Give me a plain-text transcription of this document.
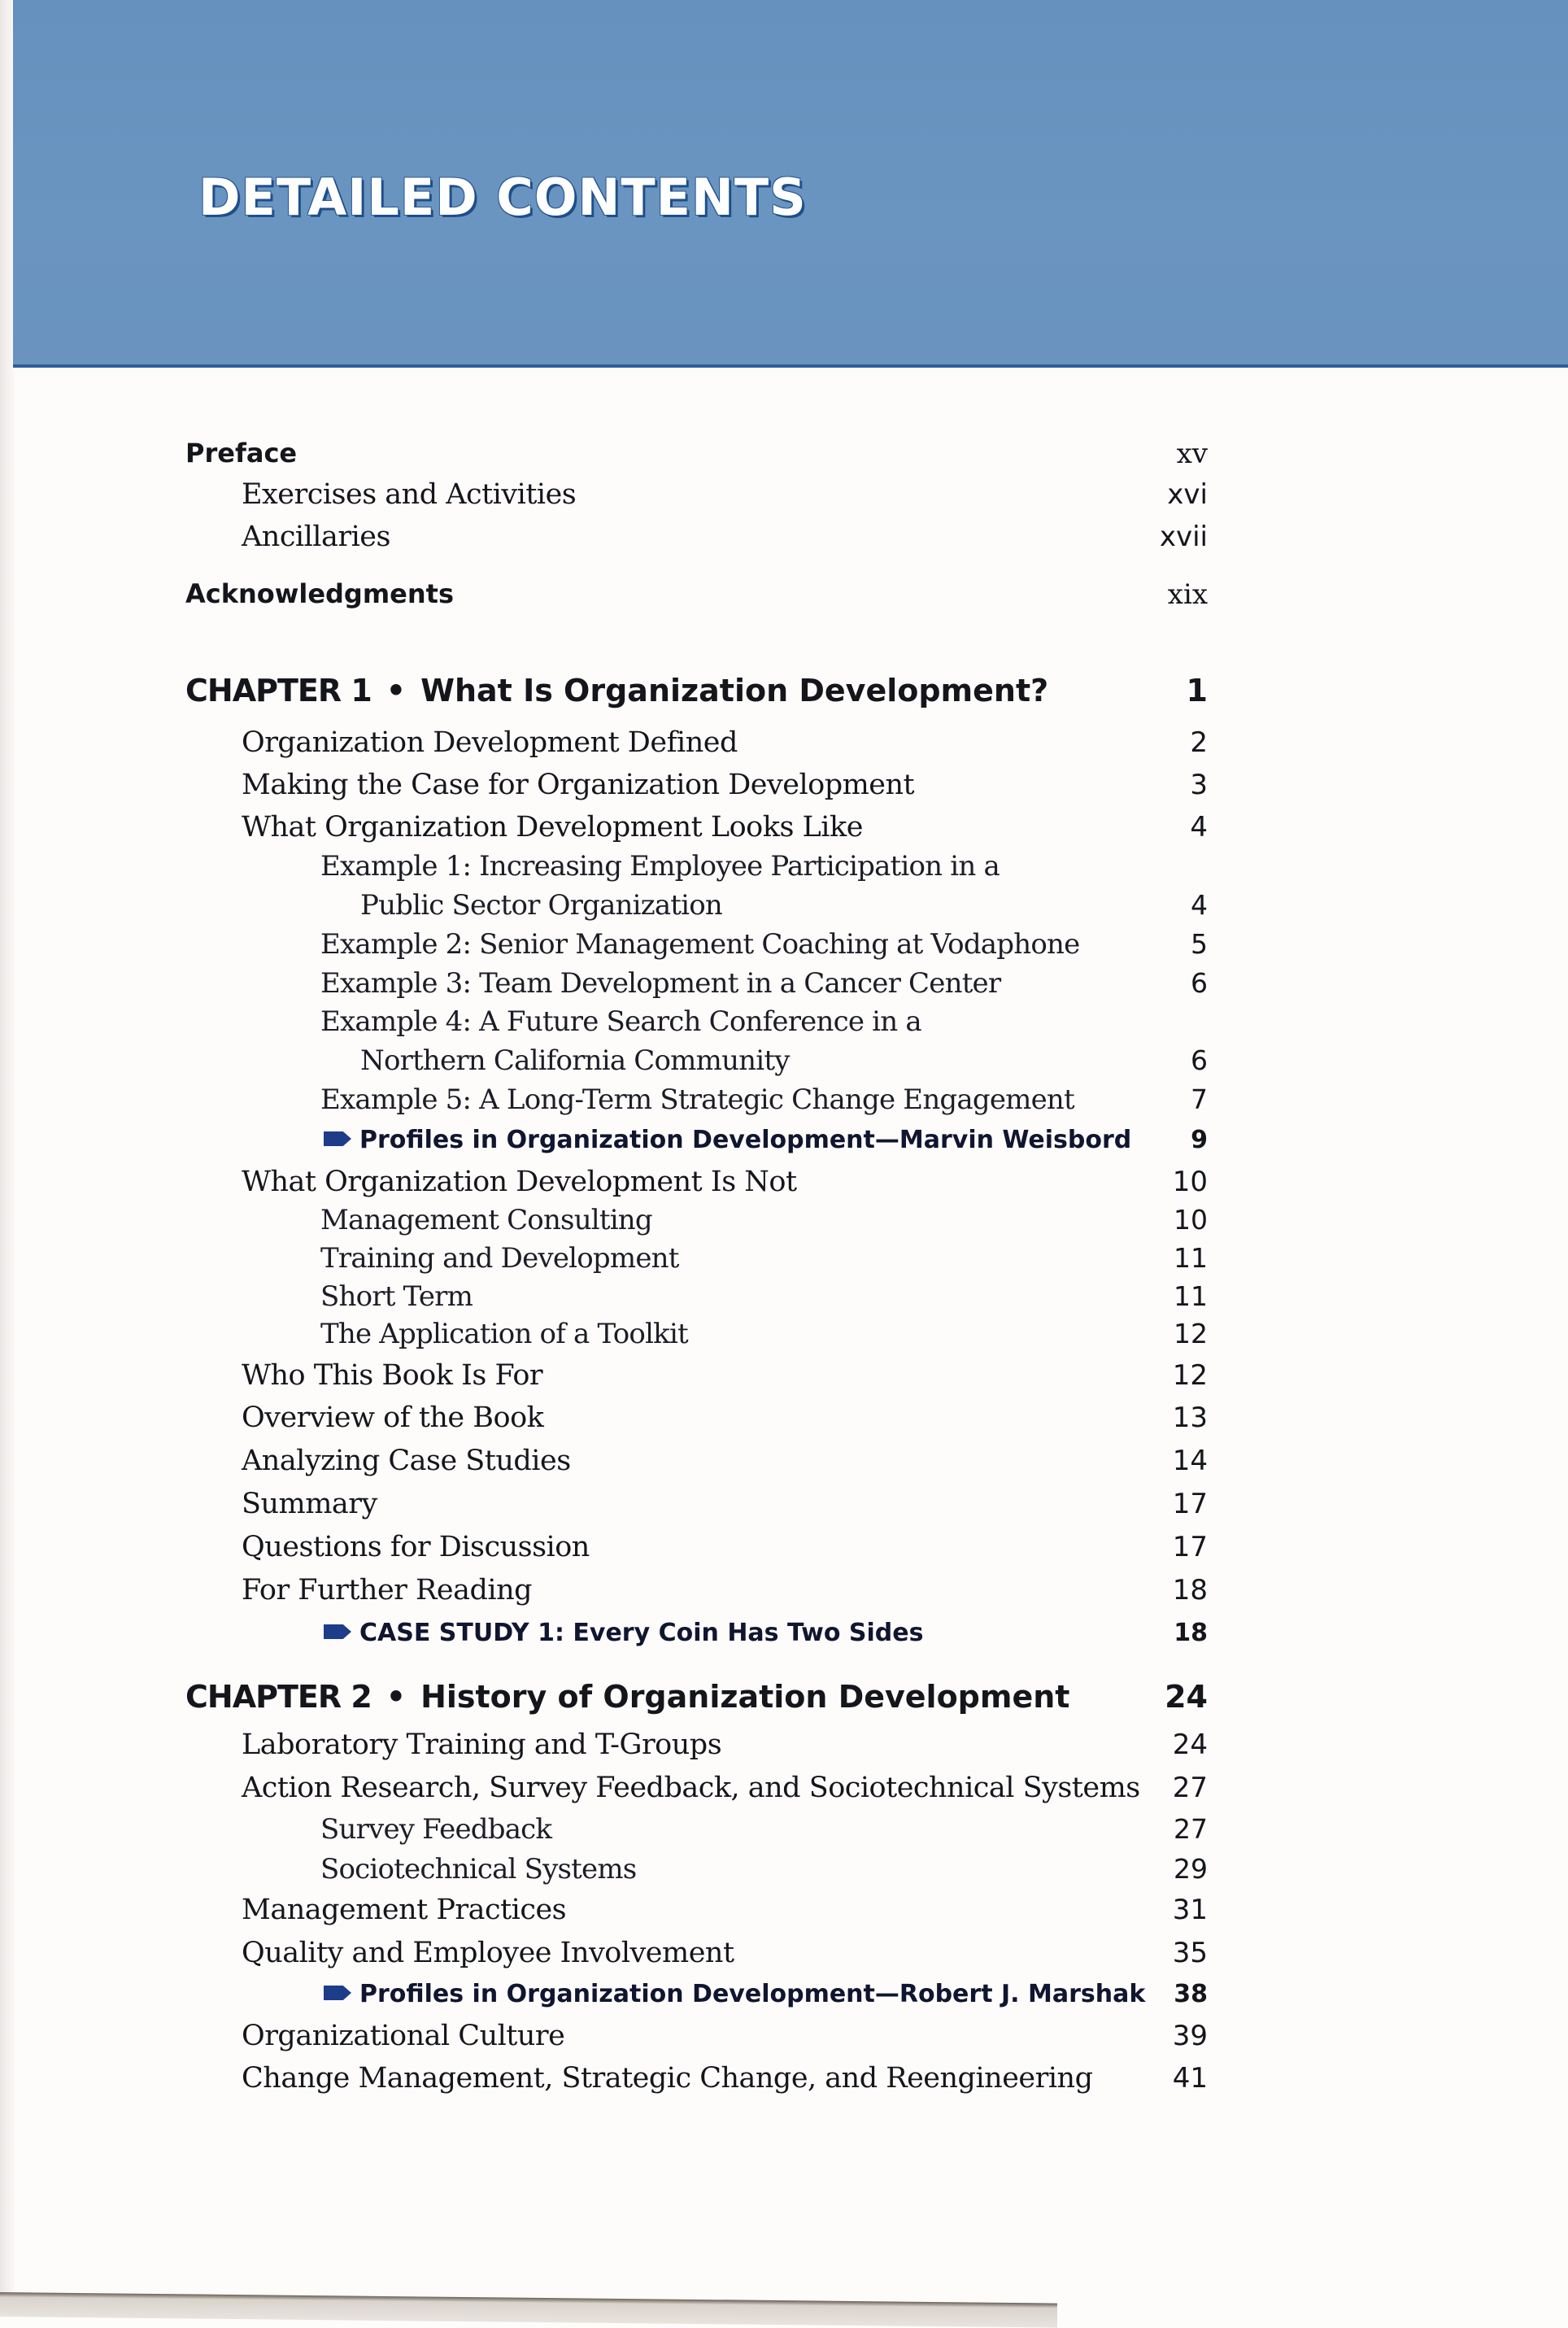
DETAILED CONTENTS
Preface	xv
Exercises and Activities	xvi
Ancillaries	xvii
Acknowledgments	xix
CHAPTER 1 • What Is Organization Development?	1
Organization Development Defined	2
Making the Case for Organization Development	3
What Organization Development Looks Like	4
Example 1: Increasing Employee Participation in a
Public Sector Organization	4
Example 2: Senior Management Coaching at Vodaphone	5
Example 3: Team Development in a Cancer Center	6
Example 4: A Future Search Conference in a
Northern California Community	6
Example 5: A Long-Term Strategic Change Engagement	7
Profiles in Organization Development—Marvin Weisbord 9
What Organization Development Is Not	10
Management Consulting	10
Training and Development	11
Short Term	11
The Application of a Toolkit	12
Who This Book Is For	12
Overview of the Book	13
Analyzing Case Studies	14
Summary	17
Questions for Discussion	17
For Further Reading	18
CASE STUDY 1: Every Coin Has Two Sides	18
CHAPTER 2 • History of Organization Development	24
Laboratory Training and T-Groups	24
Action Research, Survey Feedback, and Sociotechnical Systems 27
Survey Feedback	27
Sociotechnical Systems	29
Management Practices	31
Quality and Employee Involvement	35
Profiles in Organization Development—Robert J. Marshak 38
Organizational Culture	39
Change Management, Strategic Change, and Reengineering	41
